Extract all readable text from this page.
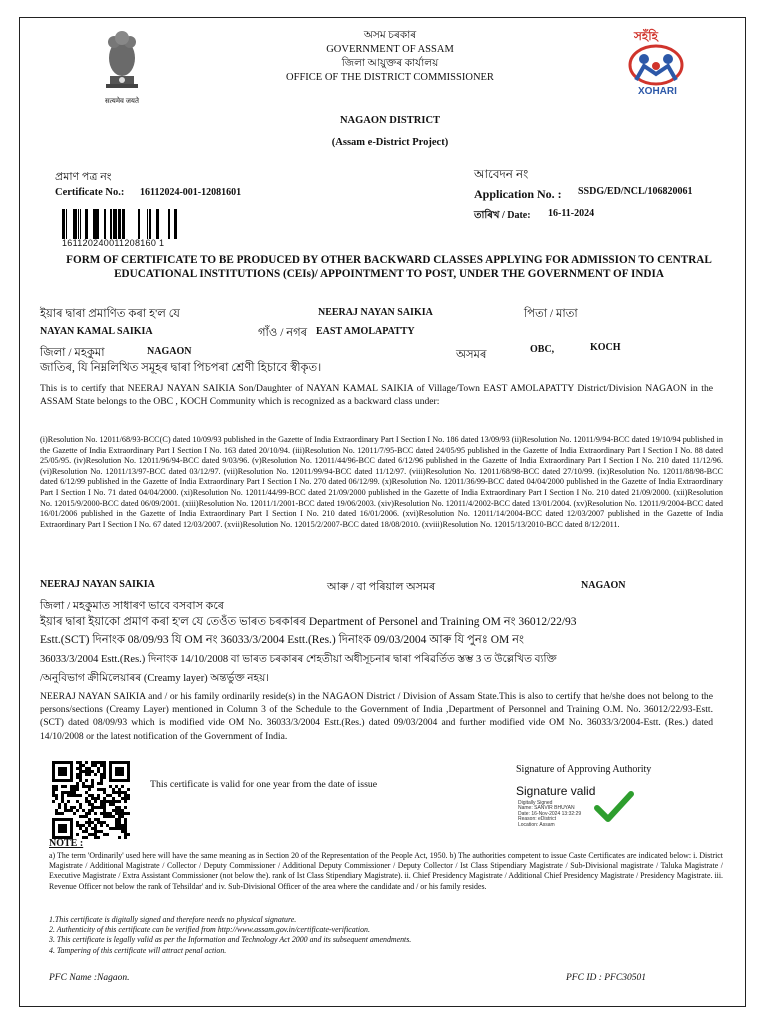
सत्यमेव जयते
অসম চৰকাৰ
GOVERNMENT OF ASSAM
জিলা আয়ুক্তৰ কার্যালয়
OFFICE OF THE DISTRICT COMMISSIONER
সহঁহি
XOHARI
NAGAON DISTRICT
(Assam e-District Project)
প্ৰমাণ পত্ৰ নং
Certificate No.: 16112024-001-12081601
আবেদন নং
Application No. : SSDG/ED/NCL/106820061
তাৰিখ / Date: 16-11-2024
161120240011208160 1
FORM OF CERTIFICATE TO BE PRODUCED BY OTHER BACKWARD CLASSES APPLYING FOR ADMISSION TO CENTRAL EDUCATIONAL INSTITUTIONS (CEIs)/ APPOINTMENT TO POST, UNDER THE GOVERNMENT OF INDIA
ইয়াৰ দ্বাৰা প্ৰমাণিত কৰা হ'ল যে	NEERAJ NAYAN SAIKIA	পিতা / মাতা
NAYAN KAMAL SAIKIA	গাঁও / নগৰ EAST AMOLAPATTY
জিলা / মহকুমা	NAGAON	অসমৰ	OBC,	KOCH
জাতিৰ, যি নিম্নলিখিত সমূহৰ দ্বাৰা পিচপৰা শ্ৰেণী হিচাবে স্বীকৃত।
This is to certify that NEERAJ NAYAN SAIKIA Son/Daughter of NAYAN KAMAL SAIKIA of Village/Town EAST AMOLAPATTY District/Division NAGAON in the ASSAM State belongs to the OBC , KOCH Community which is recognized as a backward class under:
(i)Resolution No. 12011/68/93-BCC(C) dated 10/09/93 published in the Gazette of India Extraordinary Part I Section I No. 186 dated 13/09/93 (ii)Resolution No. 12011/9/94-BCC dated 19/10/94 published in the Gazette of India Extraordinary Part I Section I No. 163 dated 20/10/94. (iii)Resolution No. 12011/7/95-BCC dated 24/05/95 published in the Gazette of India Extraordinary Part I Section I No. 88 dated 25/05/95. (iv)Resolution No. 12011/96/94-BCC dated 9/03/96. (v)Resolution No. 12011/44/96-BCC dated 6/12/96 published in the Gazette of India Extraordinary Part I Section I No. 210 dated 11/12/96. (vi)Resolution No. 12011/13/97-BCC dated 03/12/97. (vii)Resolution No. 12011/99/94-BCC dated 11/12/97. (viii)Resolution No. 12011/68/98-BCC dated 27/10/99. (ix)Resolution No. 12011/88/98-BCC dated 6/12/99 published in the Gazette of India Extraordinary Part I Section I No. 270 dated 06/12/99. (x)Resolution No. 12011/36/99-BCC dated 04/04/2000 published in the Gazette of India Extraordinary Part I Section I No. 71 dated 04/04/2000. (xi)Resolution No. 12011/44/99-BCC dated 21/09/2000 published in the Gazette of India Extraordinary Part I Section I No. 210 dated 21/09/2000. (xii)Resolution No. 12015/9/2000-BCC dated 06/09/2001. (xiii)Resolution No. 12011/1/2001-BCC dated 19/06/2003. (xiv)Resolution No. 12011/4/2002-BCC dated 13/01/2004. (xv)Resolution No. 12011/9/2004-BCC dated 16/01/2006 published in the Gazette of India Extraordinary Part I Section I No. 210 dated 16/01/2006. (xvi)Resolution No. 12011/14/2004-BCC dated 12/03/2007 published in the Gazette of India Extraordinary Part I Section I No. 67 dated 12/03/2007. (xvii)Resolution No. 12015/2/2007-BCC dated 18/08/2010. (xviii)Resolution No. 12015/13/2010-BCC dated 8/12/2011.
NEERAJ NAYAN SAIKIA	আৰু / বা পৰিয়াল অসমৰ	NAGAON
জিলা / মহকুমাত সাধাৰণ ভাবে বসবাস কৰে
ইয়াৰ দ্বাৰা ইয়াকো প্ৰমাণ কৰা হ'ল যে তেওঁত ভাৰত চৰকাৰৰ Department of Personel and Training OM নং 36012/22/93
Estt.(SCT) দিনাংক 08/09/93 যি OM নং 36033/3/2004 Estt.(Res.) দিনাংক 09/03/2004 আৰু যি পুনঃ OM নং
36033/3/2004 Estt.(Res.) দিনাংক 14/10/2008 বা ভাৰত চৰকাৰৰ শেহতীয়া অধীসূচনাৰ দ্বাৰা পৰিৱৰ্তিত স্তম্ভ 3 ত উল্লেখিত ব্যক্তি
/অনুবিভাগ ক্ৰীমিলেয়াৰৰ (Creamy layer) অন্তৰ্ভুক্ত নহয়।
NEERAJ NAYAN SAIKIA and / or his family ordinarily reside(s) in the NAGAON District / Division of Assam State.This is also to certify that he/she does not belong to the persons/sections (Creamy Layer) mentioned in Column 3 of the Schedule to the Government of India ,Department of Personnel and Training O.M. No. 36012/22/93-Estt.(SCT) dated 08/09/93 which is modified vide OM No. 36033/3/2004 Estt.(Res.) dated 09/03/2004 and further modified vide OM No. 36033/3/2004-Estt. (Res.) dated 14/10/2008 or the latest notification of the Government of India.
This certificate is valid for one year from the date of issue
Signature of Approving Authority
Signature valid
Digitally Signed
Name: SANVIR BHUYAN
Date: 16-Nov-2024 13:32:29
Reason: eDistrict
Location: Assam
NOTE :
a) The term 'Ordinarily' used here will have the same meaning as in Section 20 of the Representation of the People Act, 1950. b) The authorities competent to issue Caste Certificates are indicated below: i. District Magistrate / Additional Magistrate / Collector / Deputy Commissioner / Additional Deputy Commissioner / Deputy Collector / Ist Class Stipendiary Magistrate / Sub-Divisional magistrate / Taluka Magistrate / Executive Magistrate / Extra Assistant Commissioner (not below the). rank of Ist Class Stipendiary Magistrate). ii. Chief Presidency Magistrate / Additional Chief Presidency Magistrate / Presidency Magistrate. iii. Revenue Officer not below the rank of Tehsildar' and iv. Sub-Divisional Officer of the area where the candidate and / or his family resides.
1.This certificate is digitally signed and therefore needs no physical signature.
2. Authenticity of this certificate can be verified from http://www.assam.gov.in/certificate-verification.
3. This certificate is legally valid as per the Information and Technology Act 2000 and its subsequent amendments.
4. Tampering of this certificate will attract penal action.
PFC Name :Nagaon.	PFC ID : PFC30501
